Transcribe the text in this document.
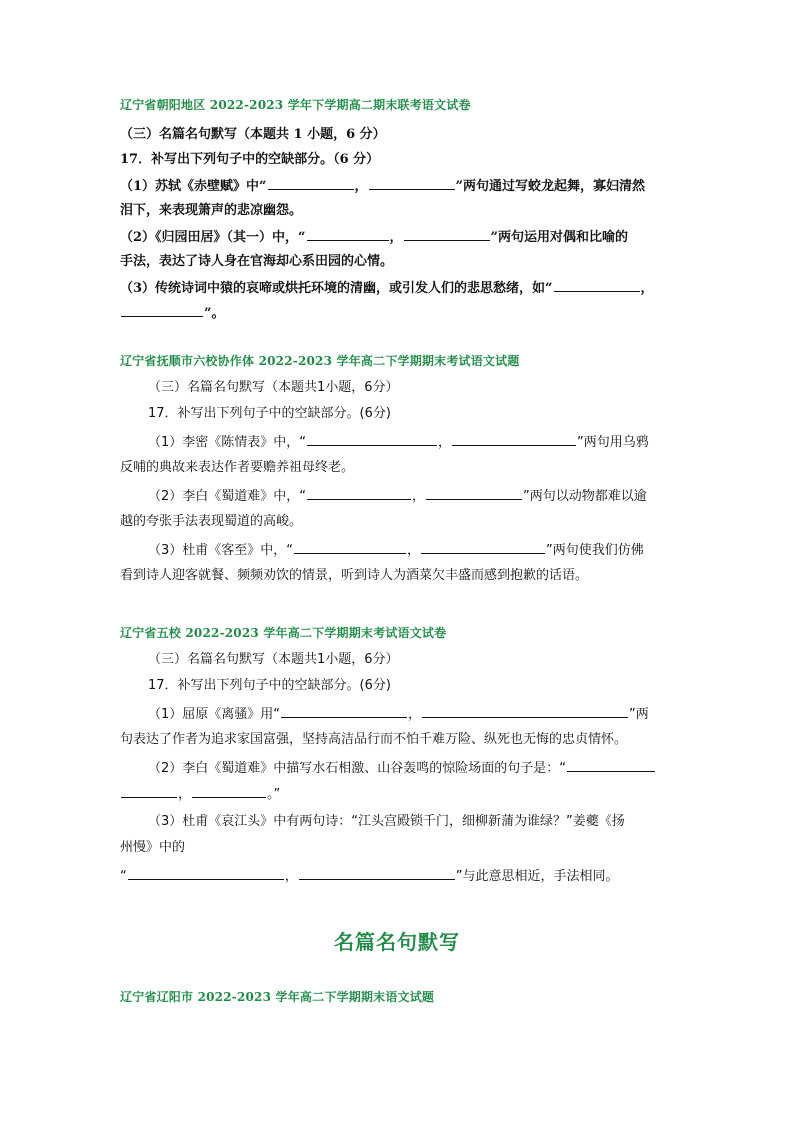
辽宁省朝阳地区 2022-2023 学年下学期高二期末联考语文试卷
（三）名篇名句默写（本题共 1 小题，6 分）
17．补写出下列句子中的空缺部分。（6 分）
（1）苏轼《赤壁赋》中“	，	”两句通过写蛟龙起舞，寡妇清然
泪下，来表现箫声的悲凉幽怨。
（2）《归园田居》（其一）中，“	，	”两句运用对偶和比喻的
手法，表达了诗人身在官海却心系田园的心情。
（3）传统诗词中猿的哀啼或烘托环境的清幽，或引发人们的悲思愁绪，如“	，
”。
辽宁省抚顺市六校协作体 2022-2023 学年高二下学期期末考试语文试题
（三）名篇名句默写（本题共1小题，6分）
17．补写出下列句子中的空缺部分。(6分)
（1）李密《陈情表》中，“	，	”两句用乌鸦
反哺的典故来表达作者要赡养祖母终老。
（2）李白《蜀道难》中，“	，	”两句以动物都难以逾
越的夸张手法表现蜀道的高峻。
（3）杜甫《客至》中，“	，	”两句使我们仿佛
看到诗人迎客就餐、频频劝饮的情景，听到诗人为酒菜欠丰盛而感到抱歉的话语。
辽宁省五校 2022-2023 学年高二下学期期末考试语文试卷
（三）名篇名句默写（本题共1小题，6分）
17．补写出下列句子中的空缺部分。(6分)
（1）屈原《离骚》用“	，	”两
句表达了作者为追求家国富强，坚持高洁品行而不怕千难万险、纵死也无悔的忠贞情怀。
（2）李白《蜀道难》中描写水石相激、山谷轰鸣的惊险场面的句子是：“
，	。”
（3）杜甫《哀江头》中有两句诗：“江头宫殿锁千门，细柳新蒲为谁绿？”姜夔《扬
州慢》中的
“	，	”与此意思相近，手法相同。
名篇名句默写
辽宁省辽阳市 2022-2023 学年高二下学期期末语文试题
